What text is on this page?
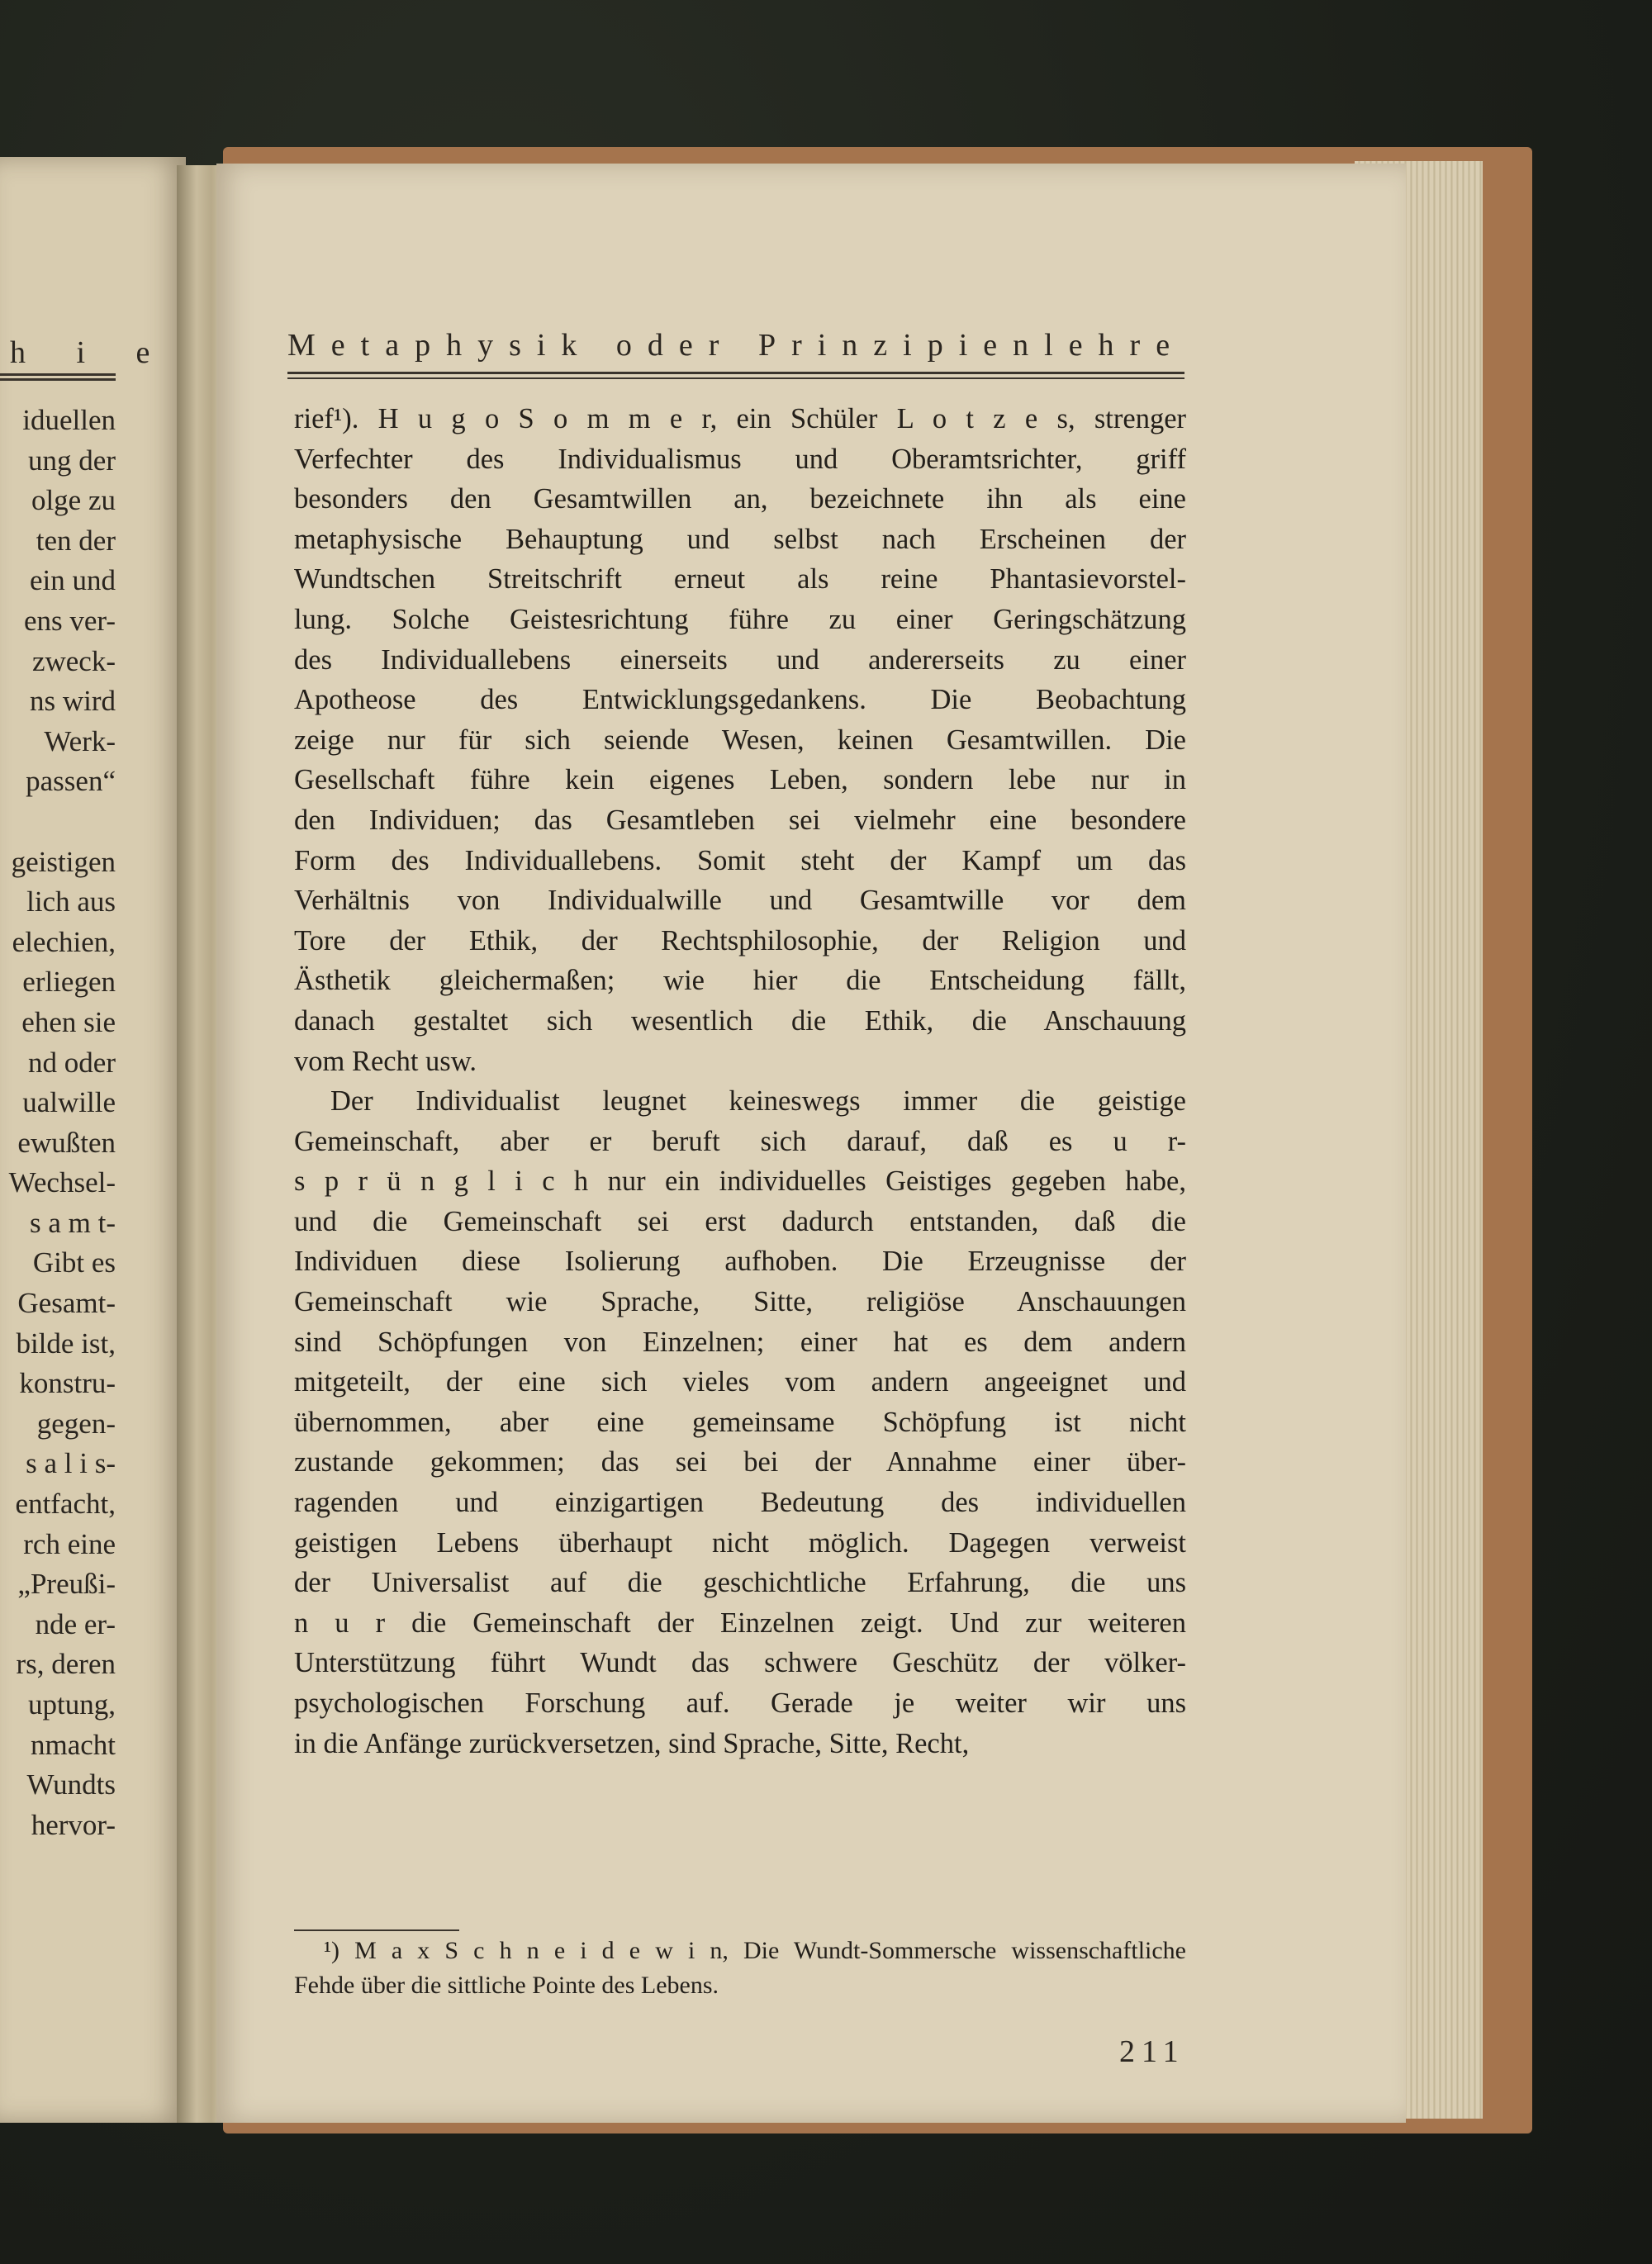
h i e
iduellen
ung der
olge zu
ten der
ein und
ens ver-
zweck-
ns wird
Werk-
passen“
geistigen
lich aus
elechien,
erliegen
ehen sie
nd oder
ualwille
ewußten
Wechsel-
s a m t-
Gibt es
Gesamt-
bilde ist,
konstru-
gegen-
s a l i s-
entfacht,
rch eine
„Preußi-
nde er-
rs, deren
uptung,
nmacht
Wundts
hervor-
Metaphysik oder Prinzipienlehre
rief¹). H u g o S o m m e r, ein Schüler L o t z e s, strenger
Verfechter des Individualismus und Oberamtsrichter, griff
besonders den Gesamtwillen an, bezeichnete ihn als eine
metaphysische Behauptung und selbst nach Erscheinen der
Wundtschen Streitschrift erneut als reine Phantasievorstel-
lung. Solche Geistesrichtung führe zu einer Geringschätzung
des Individuallebens einerseits und andererseits zu einer
Apotheose des Entwicklungsgedankens. Die Beobachtung
zeige nur für sich seiende Wesen, keinen Gesamtwillen. Die
Gesellschaft führe kein eigenes Leben, sondern lebe nur in
den Individuen; das Gesamtleben sei vielmehr eine besondere
Form des Individuallebens. Somit steht der Kampf um das
Verhältnis von Individualwille und Gesamtwille vor dem
Tore der Ethik, der Rechtsphilosophie, der Religion und
Ästhetik gleichermaßen; wie hier die Entscheidung fällt,
danach gestaltet sich wesentlich die Ethik, die Anschauung
vom Recht usw.
Der Individualist leugnet keineswegs immer die geistige
Gemeinschaft, aber er beruft sich darauf, daß es u r-
s p r ü n g l i c h nur ein individuelles Geistiges gegeben habe,
und die Gemeinschaft sei erst dadurch entstanden, daß die
Individuen diese Isolierung aufhoben. Die Erzeugnisse der
Gemeinschaft wie Sprache, Sitte, religiöse Anschauungen
sind Schöpfungen von Einzelnen; einer hat es dem andern
mitgeteilt, der eine sich vieles vom andern angeeignet und
übernommen, aber eine gemeinsame Schöpfung ist nicht
zustande gekommen; das sei bei der Annahme einer über-
ragenden und einzigartigen Bedeutung des individuellen
geistigen Lebens überhaupt nicht möglich. Dagegen verweist
der Universalist auf die geschichtliche Erfahrung, die uns
n u r die Gemeinschaft der Einzelnen zeigt. Und zur weiteren
Unterstützung führt Wundt das schwere Geschütz der völker-
psychologischen Forschung auf. Gerade je weiter wir uns
in die Anfänge zurückversetzen, sind Sprache, Sitte, Recht,
¹) M a x S c h n e i d e w i n, Die Wundt-Sommersche wissenschaftliche
Fehde über die sittliche Pointe des Lebens.
211
